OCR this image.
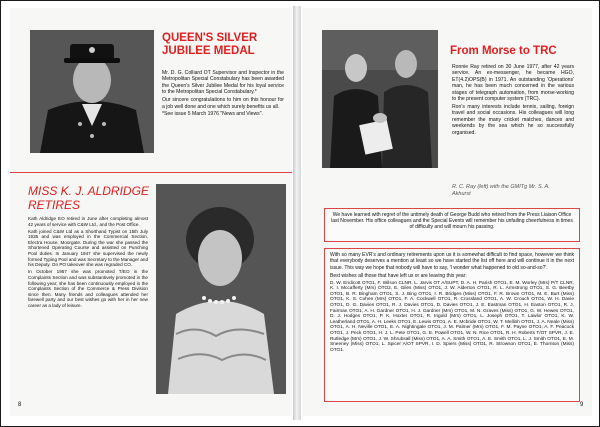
QUEEN'S SILVER
JUBILEE MEDAL

Mr. D. G. Colliard OT Supervisor and Inspector in the Metropolitan Special Constabulary has been awarded the Queen's Silver Jubilee Medal for his loyal service to the Metropolitan Special Constabulary.*

Our sincere congratulations to him on this honour for a job well done and one which surely benefits us all.

*See issue 5 March 1976 "News and Views".

MISS K. J. ALDRIDGE
RETIRES

Kath Aldridge EO retired in June after completing almost 42 years of service with C&W Ltd., and the Post Office.

Kath joined C&W Ltd as a Shorthand Typist on 15th July 1935 and was employed in the Commercial Section, Electra House, Moorgate. During the war she passed the Shortened Operating Course and assisted on Punching Pool duties. In January 1947 she supervised the newly formed Typing Pool and was Secretary to the Manager and his Deputy. On PO takeover she was regraded CO.

In October 1957 she was promoted T/EO in the Complaints Section and was substantively promoted in the following year; she has been continuously employed in the Complaints Section of the Commerce & Press Division since then. Many friends and colleagues attended her farewell party and our best wishes go with her in her new career as a lady of leisure.

8
From Morse to TRC

Ronnie Ray retired on 30 June 1977, after 42 years service. An ex-messenger, he became HGO, ET(4.2)OPS(B) in 1971. An outstanding 'Operations' man, he has been much concerned in the various stages of telegraph automation, from morse-working to the present computer system (TRC).

Ron's many interests include tennis, sailing, foreign travel and social occasions. His colleagues will long remember the many cricket matches, dances and weekends by the sea which he so successfully organised.

R. C. Ray (left) with the GMITg Mr. S. A.
Akhurst
We have learned with regret of the untimely death of George Budd who retired from the Press Liaison Office last November. His office colleagues and the Special Events will remember his unfailing cheerfulness in times of difficulty and will mourn his passing.

With so many EVR's and ordinary retirements upon us it is somewhat difficult to find space, however we think that everybody deserves a mention at least so we have started the list off here and will continue it in the next issue. This way we hope that nobody will have to say, 'I wonder what happened to old so-and-so?'.

Best wishes all those that have left us or are leaving this year:

D. W. Endicott OTO1, F. Wilson CLNR, L. Jarvis OT A/SUPT, D. A. H. Parish OTO1, E. M. Worley (Mrs) P/T CLNR, K. I. Mccafferty (Mrs) OTO2, E. Giles (Miss) OTO1, J. W. Alderton OTO1, R. L. Armstrong OTO1, S. G. Beetby OTO1, B. R. Bingham OTO1, S. J. Bing OTO1, I. R. Bridges (Miss) OTO1, F. R. Brown OTO1, M. E. Burt (Miss) OTO1, K. S. Cohen (Mrs) OTO1, F. A. Cockwell OTO1, R. Crossland OTO1, A. W. Crouch OTO1, W. H. Davie OTO1, D. G. Davies OTO1, R. J. Davies OTO1, D. Davies OTO1, J. E. Eastman OTO1, H. Easton OTO1, R. J. Fairman OTO1, A. H. Gardner OTO1, H. J. Gardner (Mrs) OTO1, M. N. Graves (Miss) OTO1, G. W. Hewes OTO1, D. J. Hodges OTO1, P. K. Hoxter OTO1, R. Ingold (Mrs) OTO1, L. Joseph OTO1, T. Lawlor OTO1, K. W. Leatherland OTO1, A. H. Leeks OTO1, E. Lewis OTO1, A. E. Mcbride OTO1, W. T. Mellish OTO1, J. A. Neale (Miss) OTO1, A. H. Neville OTO1, E. A. Nightingale OTO1, J. M. Palmer (Mrs) OTO1, F. M. Payne OTO1, A. F. Peacock OTO1, J. Peck OTO1, H. J. L. Pete OTO1, G. E. Powell OTO1, W. N. Rice OTO1, R. H. Roberts T/OT SPVR, J. E. Rutledge (Mrs) OTO1, J. W. Shrubsall (Miss) OTO1, A. A. Smith OTO1, A. E. Smith OTO1, L. J. Smith OTO1, E. M. Sneeney (Miss) OTO1, L. Spicer A/OT SPVR, I. D. Spiers (Miss) OTO1, R. Strowson OTO1, E. Thornton (Miss) OTO1.

9
